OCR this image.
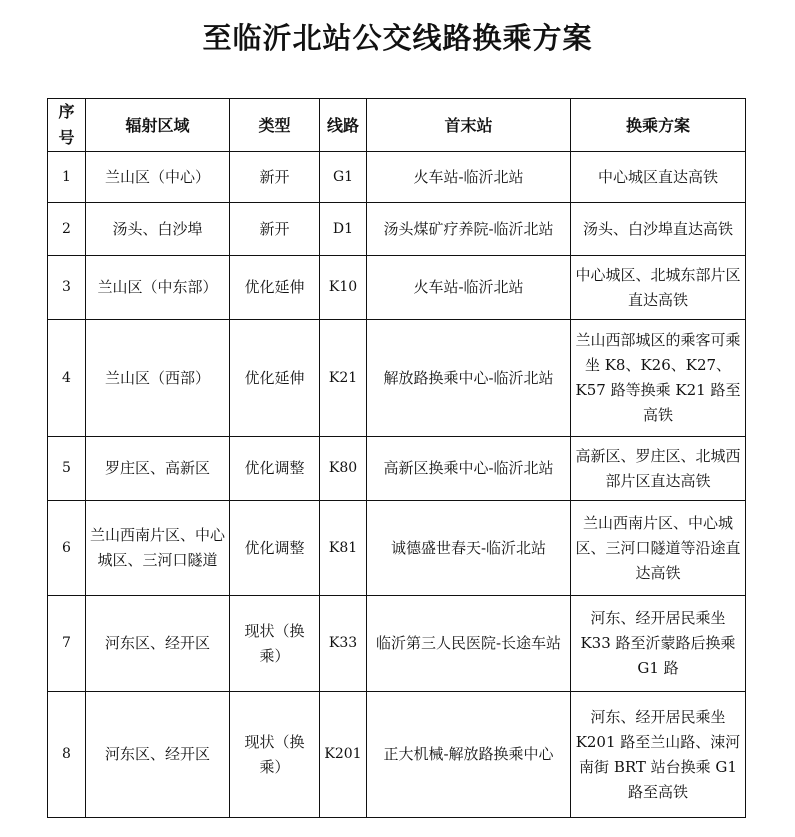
至临沂北站公交线路换乘方案
序
号	辐射区域	类型	线路	首末站	换乘方案
1	兰山区（中心）	新开	G1	火车站-临沂北站	中心城区直达高铁
2	汤头、白沙埠	新开	D1	汤头煤矿疗养院-临沂北站	汤头、白沙埠直达高铁
3	兰山区（中东部）	优化延伸	K10	火车站-临沂北站	中心城区、北城东部片区直达高铁
4	兰山区（西部）	优化延伸	K21	解放路换乘中心-临沂北站	兰山西部城区的乘客可乘坐 K8、K26、K27、K57 路等换乘 K21 路至高铁
5	罗庄区、高新区	优化调整	K80	高新区换乘中心-临沂北站	高新区、罗庄区、北城西部片区直达高铁
6	兰山西南片区、中心城区、三河口隧道	优化调整	K81	诚德盛世春天-临沂北站	兰山西南片区、中心城区、三河口隧道等沿途直达高铁
7	河东区、经开区	现状（换乘）	K33	临沂第三人民医院-长途车站	河东、经开居民乘坐 K33 路至沂蒙路后换乘 G1 路
8	河东区、经开区	现状（换乘）	K201	正大机械-解放路换乘中心	河东、经开居民乘坐 K201 路至兰山路、涑河南街 BRT 站台换乘 G1 路至高铁
